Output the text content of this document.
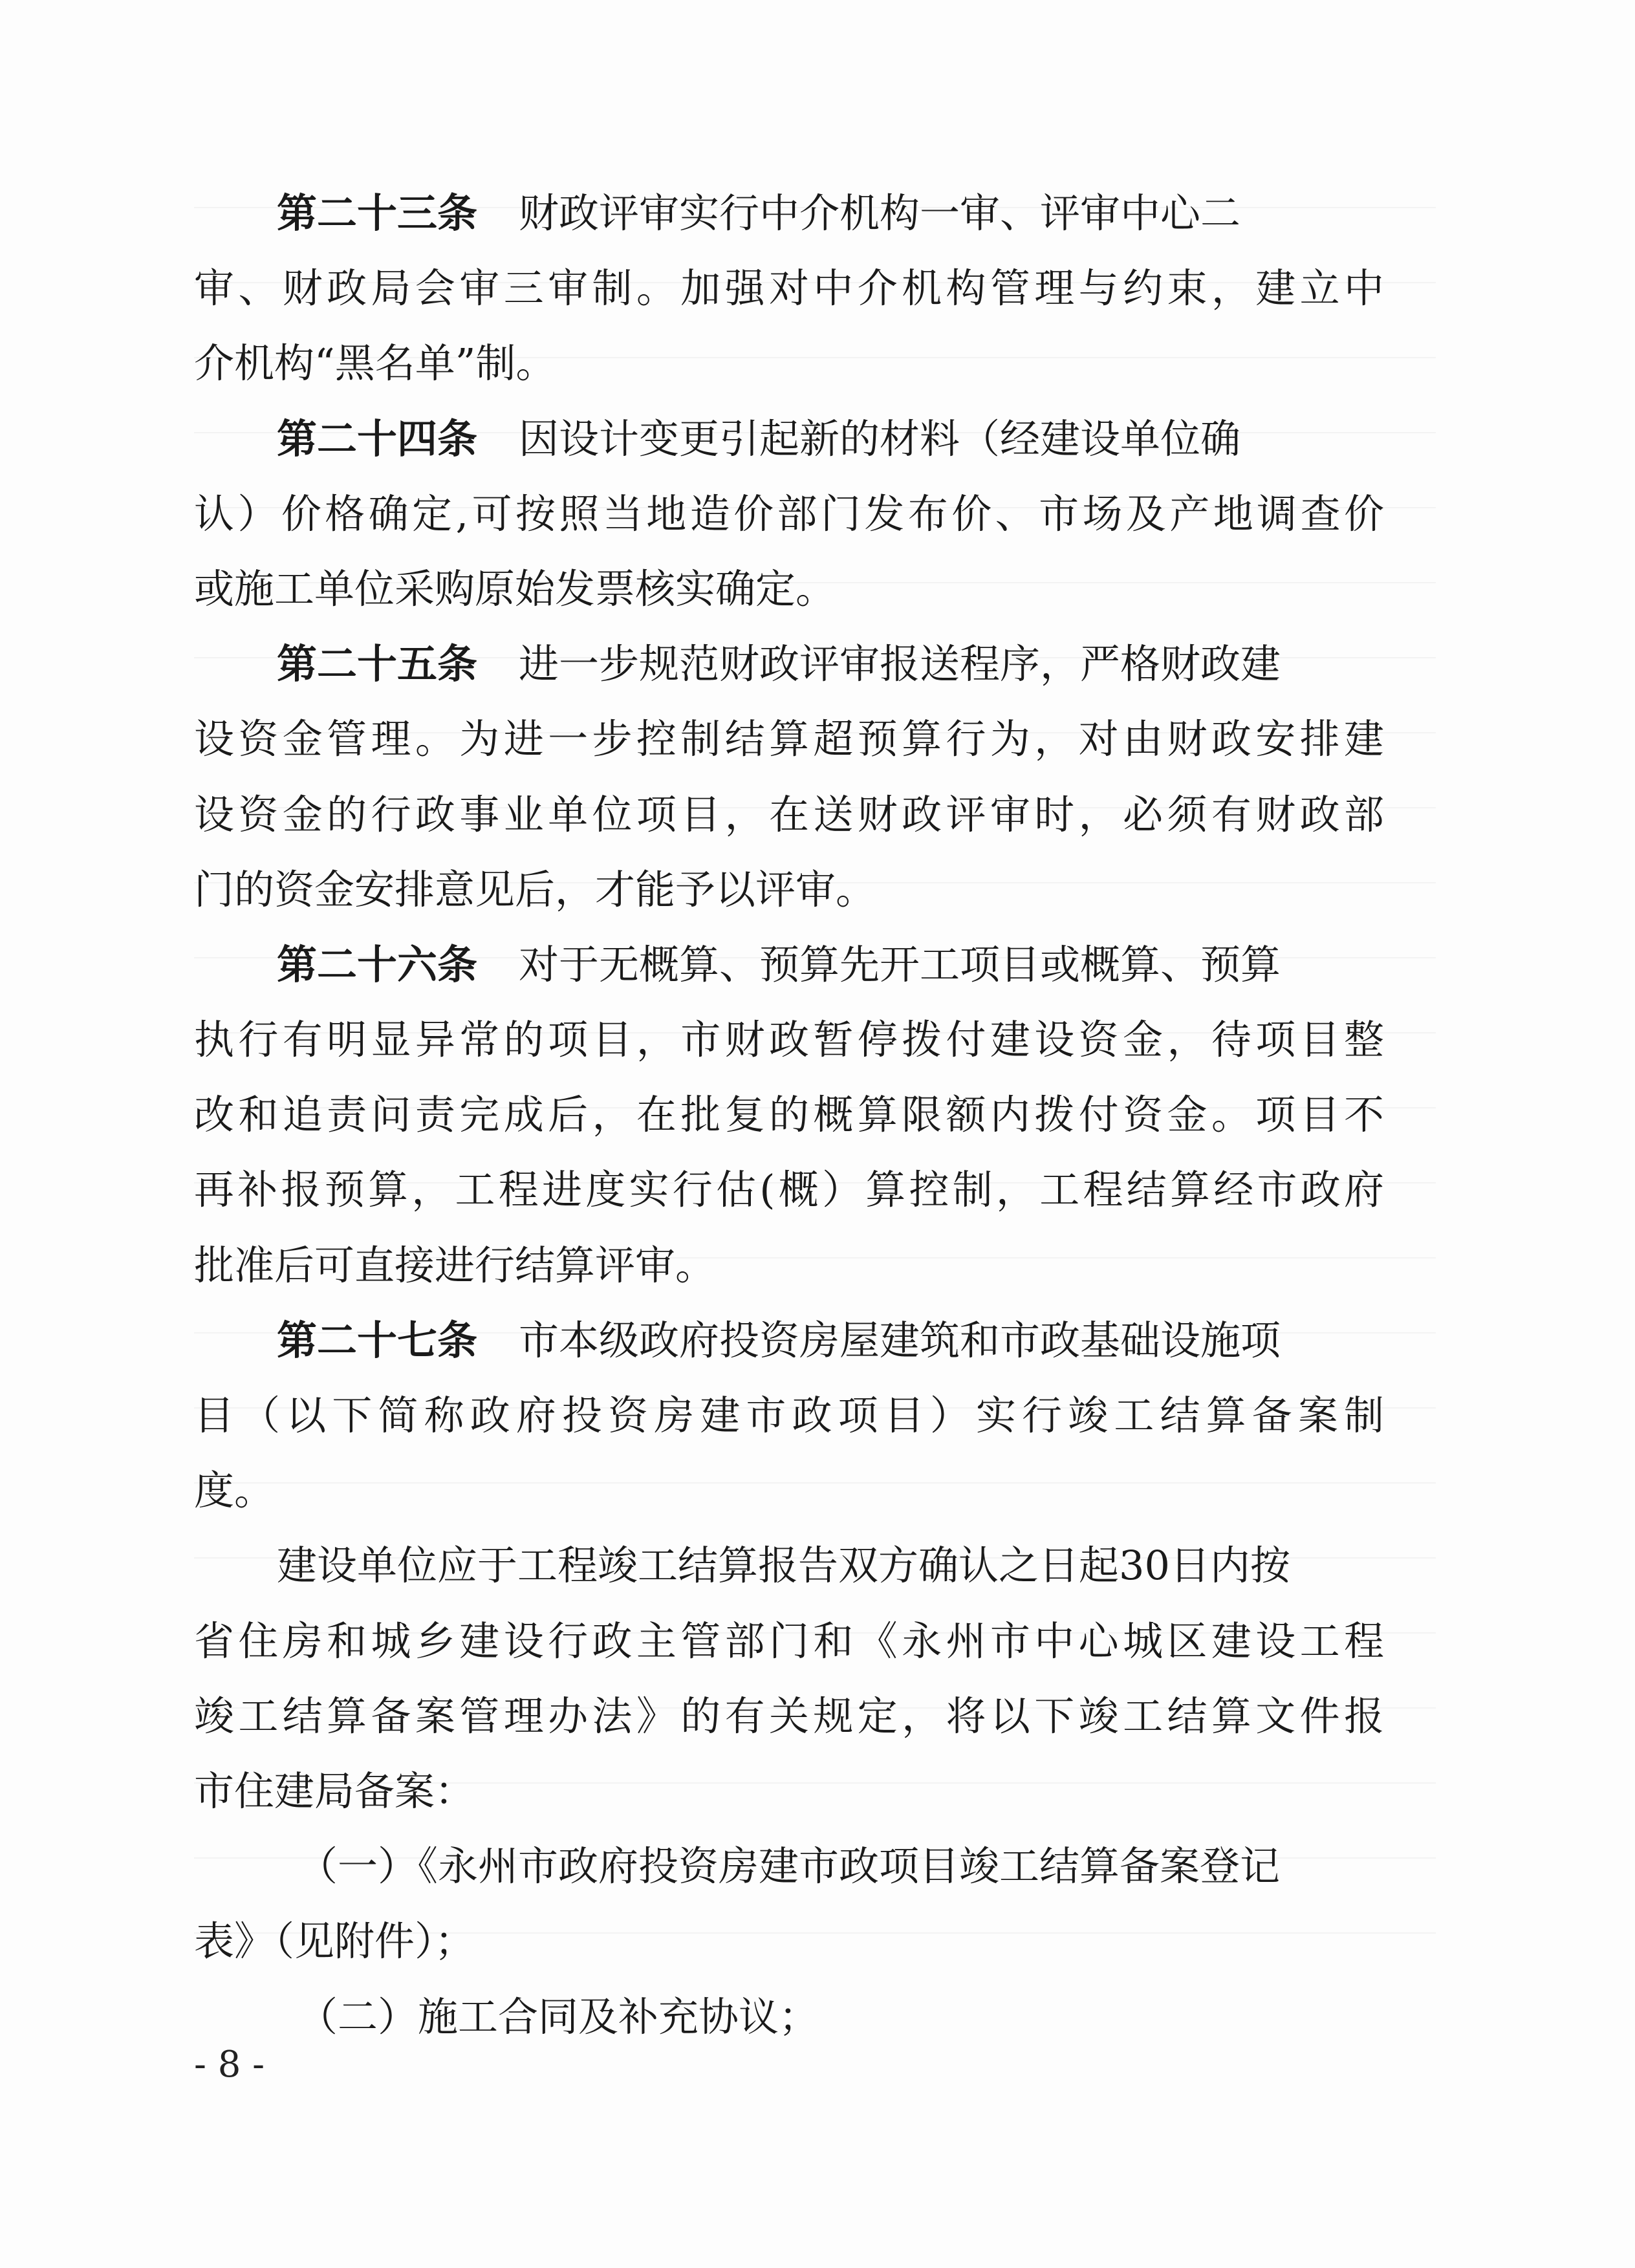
第二十三条 财政评审实行中介机构一审、评审中心二
审、财政局会审三审制。加强对中介机构管理与约束，建立中
介机构“黑名单”制。
第二十四条 因设计变更引起新的材料（经建设单位确
认）价格确定,可按照当地造价部门发布价、市场及产地调查价
或施工单位采购原始发票核实确定。
第二十五条 进一步规范财政评审报送程序，严格财政建
设资金管理。为进一步控制结算超预算行为，对由财政安排建
设资金的行政事业单位项目，在送财政评审时，必须有财政部
门的资金安排意见后，才能予以评审。
第二十六条 对于无概算、预算先开工项目或概算、预算
执行有明显异常的项目，市财政暂停拨付建设资金，待项目整
改和追责问责完成后，在批复的概算限额内拨付资金。项目不
再补报预算，工程进度实行估(概）算控制，工程结算经市政府
批准后可直接进行结算评审。
第二十七条 市本级政府投资房屋建筑和市政基础设施项
目（以下简称政府投资房建市政项目）实行竣工结算备案制
度。
建设单位应于工程竣工结算报告双方确认之日起30日内按
省住房和城乡建设行政主管部门和《永州市中心城区建设工程
竣工结算备案管理办法》的有关规定，将以下竣工结算文件报
市住建局备案：
（一）《永州市政府投资房建市政项目竣工结算备案登记
表》（见附件）；
（二）施工合同及补充协议；
- 8 -
